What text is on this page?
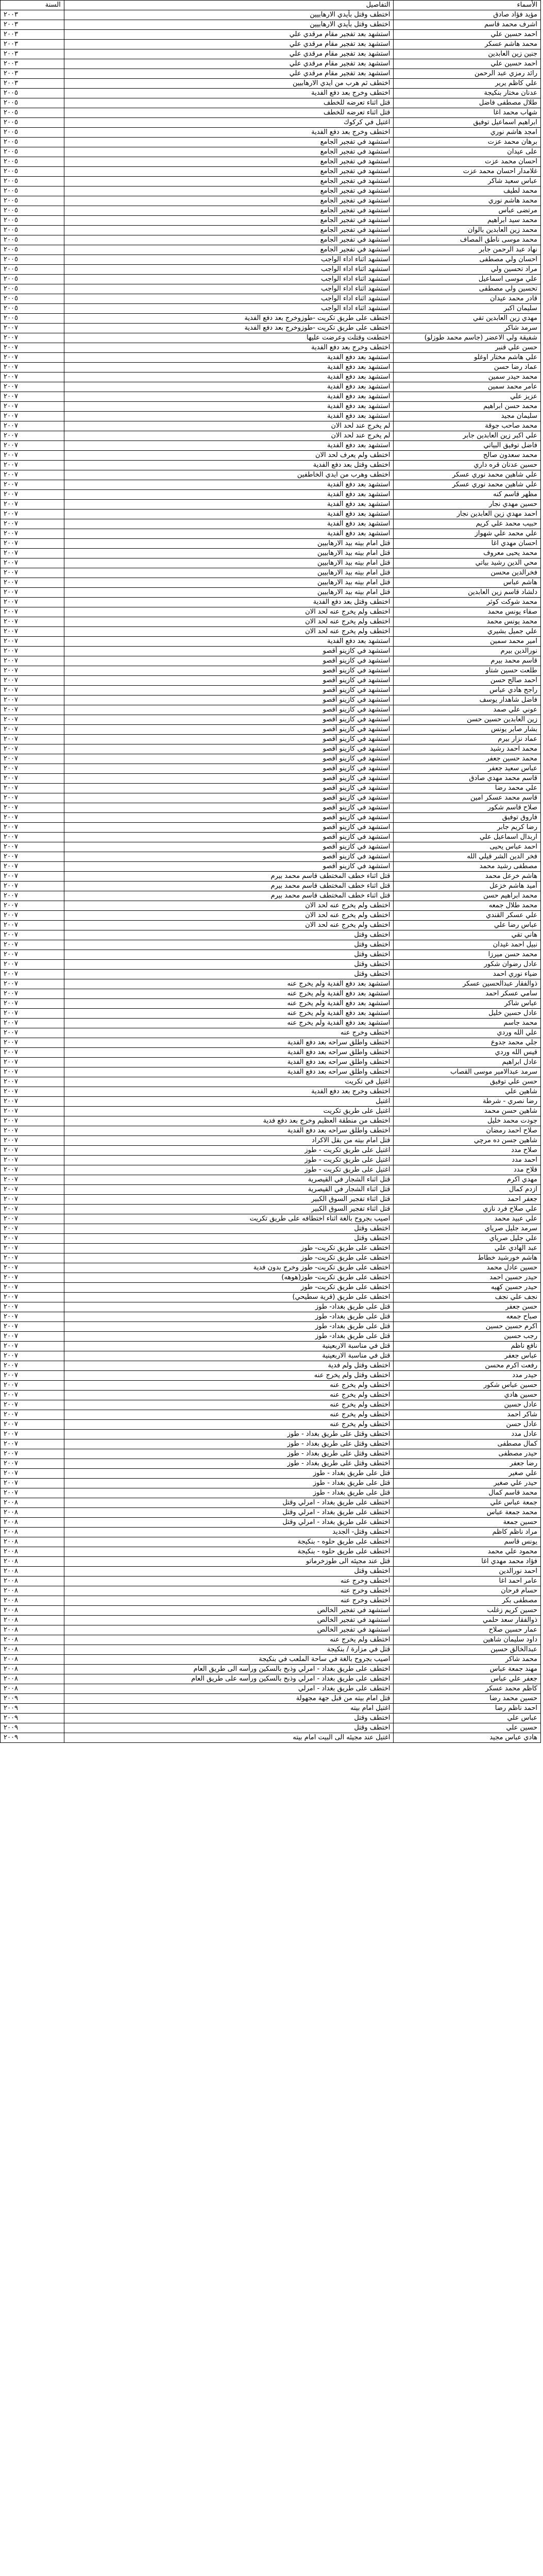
الأسماء	التفاصيل	السنة
مؤيد فؤاد صادق	اختطف وقتل بأيدي الارهابيين	٢٠٠٣
اشرف محمد قاسم	اختطف وقتل بأيدي الارهابيين	٢٠٠٣
احمد حسين علي	استشهد بعد تفجير مقام مرقدي علي	٢٠٠٣
محمد هاشم عسكر	استشهد بعد تفجير مقام مرقدي علي	٢٠٠٣
جنين زين العابدين	استشهد بعد تفجير مقام مرقدي علي	٢٠٠٣
احمد حسين علي	استشهد بعد تفجير مقام مرقدي علي	٢٠٠٣
رائد رمزي عبد الرحمن	استشهد بعد تفجير مقام مرقدي علي	٢٠٠٣
علي كاظم يرير	اختطف ثم هرب من ايدي الارهابيين	٢٠٠٣
عدنان مختار بنكيجة	اختطف وخرج بعد دفع الفدية	٢٠٠٥
طلال مصطفى فاضل	قتل اثناء تعرضه للخطف	٢٠٠٥
شهاب محمد اغا	قتل اثناء تعرضه للخطف	٢٠٠٥
ابراهيم اسماعيل توفيق	اغتيل في كركوك	٢٠٠٥
امجد هاشم نوري	اختطف وخرج بعد دفع الفدية	٢٠٠٥
برهان محمد عزت	استشهد في تفجير الجامع	٢٠٠٥
على عيدان	استشهد في تفجير الجامع	٢٠٠٥
احسان محمد عزت	استشهد في تفجير الجامع	٢٠٠٥
غلامدار احسان محمد عزت	استشهد في تفجير الجامع	٢٠٠٥
عباس سعيد شاكر	استشهد في تفجير الجامع	٢٠٠٥
محمد لطيف	استشهد في تفجير الجامع	٢٠٠٥
محمد هاشم نوري	استشهد في تفجير الجامع	٢٠٠٥
مرتضى عباس	استشهد في تفجير الجامع	٢٠٠٥
محمد سيد ابراهيم	استشهد في تفجير الجامع	٢٠٠٥
محمد زين العابدين بالوان	استشهد في تفجير الجامع	٢٠٠٥
محمد موسى ناطق المصاف	استشهد في تفجير الجامع	٢٠٠٥
نهاد عبد الرحمن جابر	استشهد في تفجير الجامع	٢٠٠٥
احسان ولي مصطفى	استشهد اثناء اداء الواجب	٢٠٠٥
مراد تحسين ولي	استشهد اثناء اداء الواجب	٢٠٠٥
علي موسى اسماعيل	استشهد اثناء اداء الواجب	٢٠٠٥
تحسين ولي مصطفى	استشهد اثناء اداء الواجب	٢٠٠٥
قادر محمد عيدان	استشهد اثناء اداء الواجب	٢٠٠٥
سليمان اكبر	استشهد اثناء اداء الواجب	٢٠٠٥
مهدي زين العابدين تقي	اختطف على طريق تكريت -طوزوخرج بعد دفع الفدية	٢٠٠٥
سرمد شاكر	اختطف على طريق تكريت -طوزوخرج بعد دفع الفدية	٢٠٠٧
شفيقة ولي الاعضر (جاسم محمد طوزلو)	اختطفت وقتلت وعرضت عليها	٢٠٠٧
حسن علي قنبر	اختطف وخرج بعد دفع الفدية	٢٠٠٧
علي هاشم مختار اوغلو	استشهد بعد دفع الفدية	٢٠٠٧
عماد رضا حسن	استشهد بعد دفع الفدية	٢٠٠٧
محمد حيدر سمين	استشهد بعد دفع الفدية	٢٠٠٧
عامر محمد سمين	استشهد بعد دفع الفدية	٢٠٠٧
عزيز علي	استشهد بعد دفع الفدية	٢٠٠٧
محمد حسن ابراهيم	استشهد بعد دفع الفدية	٢٠٠٧
سليمان مجيد	استشهد بعد دفع الفدية	٢٠٠٧
محمد صاحب جوقة	لم يخرج عند لحد الان	٢٠٠٧
علي اكبر زين العابدين جابر	لم يخرج عند لحد الان	٢٠٠٧
فاضل توفيق البياتي	استشهد بعد دفع الفدية	٢٠٠٧
محمد سعدون صالح	اختطف ولم يعرف لحد الان	٢٠٠٧
حسين عدنان قره داري	اختطف وقتل بعد دفع الفدية	٢٠٠٧
علي شاهين محمد نوري عسكر	اختطف وهرب من ايدي الخاطفين	٢٠٠٧
علي شاهين محمد نوري عسكر	استشهد بعد دفع الفدية	٢٠٠٧
مظهر قاسم كنه	استشهد بعد دفع الفدية	٢٠٠٧
حسين مهدي نجار	استشهد بعد دفع الفدية	٢٠٠٧
احمد مهدي زين العابدين نجار	استشهد بعد دفع الفدية	٢٠٠٧
حبيب محمد علي كريم	استشهد بعد دفع الفدية	٢٠٠٧
علي محمد علي شهواز	استشهد بعد دفع الفدية	٢٠٠٧
احسان مهدي اغا	قتل امام بيته بيد الارهابيين	٢٠٠٧
محمد يحيى معروف	قتل امام بيته بيد الارهابيين	٢٠٠٧
محي الدين رشيد بياتي	قتل امام بيته بيد الارهابيين	٢٠٠٧
فخرالدين محسن	قتل امام بيته بيد الارهابيين	٢٠٠٧
هاشم عباس	قتل امام بيته بيد الارهابيين	٢٠٠٧
دلشاد قاسم زين العابدين	قتل امام بيته بيد الارهابيين	٢٠٠٧
محمد شوكت كوثر	اختطف وقتل بعد دفع الفدية	٢٠٠٧
صفاء يونس محمد	اختطف ولم يخرج عنه لحد الان	٢٠٠٧
محمد يونس محمد	اختطف ولم يخرج عنه لحد الان	٢٠٠٧
علي جميل بشيري	اختطف ولم يخرج عنه لحد الان	٢٠٠٧
امير محمد سمين	استشهد بعد دفع الفدية	٢٠٠٧
نورالدين بيرم	استشهد في كازينو أقصو	٢٠٠٧
قاسم محمد بيرم	استشهد في كازينو أقصو	٢٠٠٧
طلعت حسين شتاو	استشهد في كازينو أقصو	٢٠٠٧
احمد صالح حسن	استشهد في كازينو أقصو	٢٠٠٧
راجح هادي عباس	استشهد في كازينو أقصو	٢٠٠٧
فاضل شاهدار يوسف	استشهد في كازينو أقصو	٢٠٠٧
عوني علي صمد	استشهد في كازينو أقصو	٢٠٠٧
زين العابدين حسين حسن	استشهد في كازينو أقصو	٢٠٠٧
بشار صابر يونس	استشهد في كازينو أقصو	٢٠٠٧
عماد نزار بيرم	استشهد في كازينو أقصو	٢٠٠٧
محمد احمد رشيد	استشهد في كازينو أقصو	٢٠٠٧
محمد حسين جعفر	استشهد في كازينو أقصو	٢٠٠٧
عباس سعيد جعفر	استشهد في كازينو أقصو	٢٠٠٧
قاسم محمد مهدي صادق	استشهد في كازينو أقصو	٢٠٠٧
علي محمد رضا	استشهد في كازينو أقصو	٢٠٠٧
قاسم محمد عسكر امين	استشهد في كازينو أقصو	٢٠٠٧
صلاح قاسم شكور	استشهد في كازينو أقصو	٢٠٠٧
فاروق توفيق	استشهد في كازينو أقصو	٢٠٠٧
رضا كريم جابر	استشهد في كازينو أقصو	٢٠٠٧
اربدال اسماعيل علي	استشهد في كازينو أقصو	٢٠٠٧
احمد عباس يحيى	استشهد في كازينو أقصو	٢٠٠٧
فخر الدين الشر قيلي الله	استشهد في كازينو أقصو	٢٠٠٧
مصطفى رشيد محمد	استشهد في كازينو أقصو	٢٠٠٧
هاشم خرعل محمد	قتل اثناء خطف المختطف قاسم محمد بيرم	٢٠٠٧
أميد هاشم خزعل	قتل اثناء خطف المختطف قاسم محمد بيرم	٢٠٠٧
محمد ابراهيم حسن	قتل اثناء خطف المختطف قاسم محمد بيرم	٢٠٠٧
محمد طلال جمعه	اختطف ولم يخرج عنه لحد الان	٢٠٠٧
علي عسكر القندي	اختطف ولم يخرج عنه لحد الان	٢٠٠٧
عباس رضا علي	اختطف ولم يخرج عنه لحد الان	٢٠٠٧
هاني تقي	اختطف وقتل	٢٠٠٧
نبيل احمد غيدان	اختطف وقتل	٢٠٠٧
محمد حسن ميرزا	اختطف وقتل	٢٠٠٧
عادل رضوان شكور	اختطف وقتل	٢٠٠٧
ضياء نوري احمد	اختطف وقتل	٢٠٠٧
ذوالفقار عبدالحسين عسكر	استشهد بعد دفع الفدية ولم يخرج عنه	٢٠٠٧
سامي عسكر احمد	استشهد بعد دفع الفدية ولم يخرج عنه	٢٠٠٧
عباس شاكر	استشهد بعد دفع الفدية ولم يخرج عنه	٢٠٠٧
عادل حسين خليل	استشهد بعد دفع الفدية ولم يخرج عنه	٢٠٠٧
محمد جاسم	استشهد بعد دفع الفدية ولم يخرج عنه	٢٠٠٧
علي الله وردي	اختطف وخرج عنه	٢٠٠٧
جلي محمد جدوع	اختطف واطلق سراحه بعد دفع الفدية	٢٠٠٧
قيس الله وردي	اختطف واطلق سراحه بعد دفع الفدية	٢٠٠٧
عادل ابراهيم	اختطف واطلق سراحه بعد دفع الفدية	٢٠٠٧
سرمد عبدالامير موسى القصاب	اختطف واطلق سراحه بعد دفع الفدية	٢٠٠٧
حسن علي توفيق	اغتيل في تكريت	٢٠٠٧
شاهين علي	اختطف وخرج بعد دفع الفدية	٢٠٠٧
رضا نصري - شرطة	اغتيل	٢٠٠٧
شاهين حسن محمد	اغتيل على طريق تكريت	٢٠٠٧
جودت محمد خليل	اختطف من منطقة العظيم وخرج بعد دفع فدية	٢٠٠٧
صلاح احمد رمضان	اختطف واطلق سراحه بعد دفع الفدية	٢٠٠٧
شاهين جسن ده مرچي	قتل امام بيته من بقل الاكراد	٢٠٠٧
صلاح مدد	اغتيل على طريق تكريت - طوز	٢٠٠٧
احمد مدد	اغتيل على طريق تكريت - طوز	٢٠٠٧
فلاح مدد	اغتيل على طريق تكريت - طوز	٢٠٠٧
مهدي اكرم	قتل اثناء الشجار في القيصرية	٢٠٠٧
ازدم كمال	قتل اثناء الشجار في القيصرية	٢٠٠٧
جعفر احمد	قتل اثناء تفجير السوق الكبير	٢٠٠٧
علي صلاح فرد نازي	قتل اثناء تفجير السوق الكبير	٢٠٠٧
علي عبيد محمد	اصيب بجروح بالغة اثناء اختطافه على طريق تكريت	٢٠٠٧
سرمد جليل صرياي	اختطف وقتل	٢٠٠٧
علي جليل صرياي	اختطف وقتل	٢٠٠٧
عبد الهادي علي	اختطف على طريق تكريت- طوز	٢٠٠٧
هاشم خورشيد خطاط	اختطف على طريق تكريت- طوز	٢٠٠٧
حسين عادل محمد	اختطف على طريق تكريت- طوز وخرج بدون فدية	٢٠٠٧
حيدر حسين احمد	اختطف على طريق تكريت- طوز(هوهه)	٢٠٠٧
حيدر حسين كهيه	اختطف على طريق تكريت- طوز	٢٠٠٧
نجف علي نجف	اختطف على طريق (قرية سطيحي)	٢٠٠٧
حسن جعفر	قتل على طريق بغداد- طوز	٢٠٠٧
صباح جمعه	قتل على طريق بغداد- طوز	٢٠٠٧
اكرم حسين حسين	قتل على طريق بغداد- طوز	٢٠٠٧
رجب حسين	قتل على طريق بغداد- طوز	٢٠٠٧
نافع ناظم	قتل في مناسبة الاربعينية	٢٠٠٧
عباس جعفر	قتل في مناسبة الاربعينية	٢٠٠٧
رفعت اكرم محسن	اختطف وقتل ولم فدية	٢٠٠٧
حيدر مدد	اختطف وقتل ولم يخرج عنه	٢٠٠٧
حسين عباس شكور	اختطف ولم يخرج عنه	٢٠٠٧
حسين هادي	اختطف ولم يخرج عنه	٢٠٠٧
عادل حسين	اختطف ولم يخرج عنه	٢٠٠٧
شاكر احمد	اختطف ولم يخرج عنه	٢٠٠٧
عادل حسن	اختطف ولم يخرج عنه	٢٠٠٧
عادل مدد	اختطف وقتل على طريق بغداد - طوز	٢٠٠٧
كمال مصطفى	اختطف وقتل على طريق بغداد - طوز	٢٠٠٧
حيدر مصطفى	اختطف وقتل على طريق بغداد - طوز	٢٠٠٧
رضا جعفر	اختطف وقتل على طريق بغداد - طوز	٢٠٠٧
علي صغير	قتل على طريق بغداد - طوز	٢٠٠٧
حيدر علي صغير	قتل على طريق بغداد - طوز	٢٠٠٧
محمد قاسم كمال	قتل على طريق بغداد - طوز	٢٠٠٧
جمعة عباس علي	اختطف على طريق بغداد - امرلي وقتل	٢٠٠٨
محمد جمعة عباس	اختطف على طريق بغداد - امرلي وقتل	٢٠٠٨
حسين جمعة	اختطف على طريق بغداد - امرلي وقتل	٢٠٠٨
مراد ناظم كاظم	اختطف وقتل- الجديد	٢٠٠٨
يونس قاسم	اختطف على طريق حلوه - بنكيجة	٢٠٠٨
محمود علي محمد	اختطف على طريق حلوه - بنكيجة	٢٠٠٨
فؤاد محمد مهدي اغا	قتل عند مجيئه الى طوزخرماتو	٢٠٠٨
احمد نورالدين	اختطف وقتل	٢٠٠٨
عامر احمد اغا	اختطف وخرج عنه	٢٠٠٨
حسام فرحان	اختطف وخرج عنه	٢٠٠٨
مصطفى بكر	اختطف وخرج عنه	٢٠٠٨
حسين كريم زغلب	استشهد في تفجير الخالص	٢٠٠٨
ذوالفقار سعد حلمي	استشهد في تفجير الخالص	٢٠٠٨
عمار حسين صلاح	استشهد في تفجير الخالص	٢٠٠٨
داود سليمان شاهين	اختطف ولم يخرج عنه	٢٠٠٨
عبدالخالق حسين	قتل في مزارة / بنكيجة	٢٠٠٨
محمد شاكر	اصيب بجروح بالغة في ساحة الملعب في بنكيجة	٢٠٠٨
مهند جمعة عباس	اختطف على طريق بغداد - امرلي وذبح بالسكين ورأسه الى طريق العام	٢٠٠٨
جعفر علي عباس	اختطف على طريق بغداد - امرلي وذبح بالسكين ورأسه على طريق العام	٢٠٠٨
كاظم محمد عسكر	اختطف على طريق بغداد - امرلي	٢٠٠٨
حسين محمد رضا	قتل امام بيته من قبل جهة مجهولة	٢٠٠٩
احمد ناظم رضا	اغتيل امام بيته	٢٠٠٩
عباس علي	اختطف وقتل	٢٠٠٩
حسين علي	اختطف وقتل	٢٠٠٩
هادي عباس مجيد	اغتيل عند مجيئه الى البيت امام بيته	٢٠٠٩
